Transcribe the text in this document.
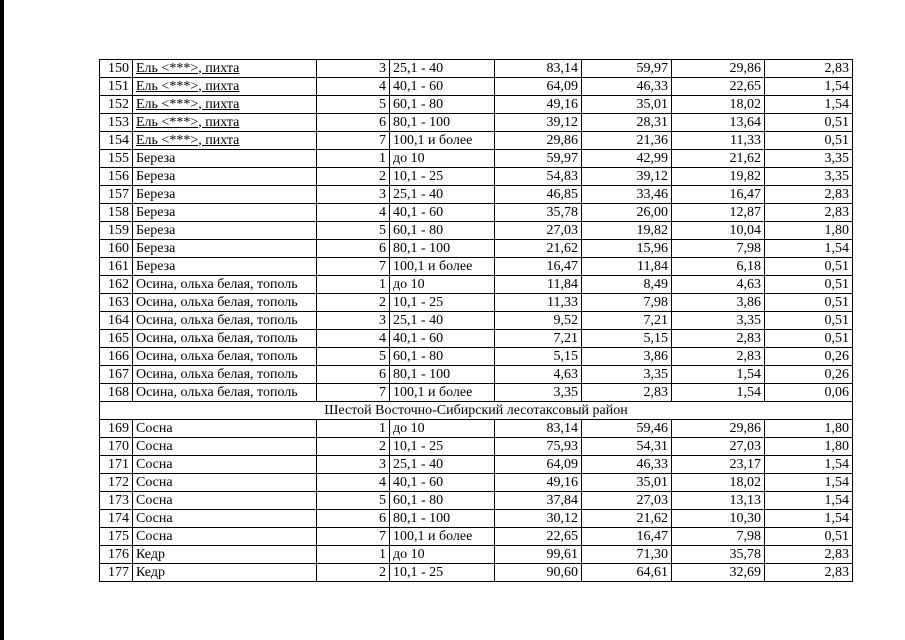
150	Ель <***>, пихта	3	25,1 - 40	83,14	59,97	29,86	2,83
151	Ель <***>, пихта	4	40,1 - 60	64,09	46,33	22,65	1,54
152	Ель <***>, пихта	5	60,1 - 80	49,16	35,01	18,02	1,54
153	Ель <***>, пихта	6	80,1 - 100	39,12	28,31	13,64	0,51
154	Ель <***>, пихта	7	100,1 и более	29,86	21,36	11,33	0,51
155	Береза	1	до 10	59,97	42,99	21,62	3,35
156	Береза	2	10,1 - 25	54,83	39,12	19,82	3,35
157	Береза	3	25,1 - 40	46,85	33,46	16,47	2,83
158	Береза	4	40,1 - 60	35,78	26,00	12,87	2,83
159	Береза	5	60,1 - 80	27,03	19,82	10,04	1,80
160	Береза	6	80,1 - 100	21,62	15,96	7,98	1,54
161	Береза	7	100,1 и более	16,47	11,84	6,18	0,51
162	Осина, ольха белая, тополь	1	до 10	11,84	8,49	4,63	0,51
163	Осина, ольха белая, тополь	2	10,1 - 25	11,33	7,98	3,86	0,51
164	Осина, ольха белая, тополь	3	25,1 - 40	9,52	7,21	3,35	0,51
165	Осина, ольха белая, тополь	4	40,1 - 60	7,21	5,15	2,83	0,51
166	Осина, ольха белая, тополь	5	60,1 - 80	5,15	3,86	2,83	0,26
167	Осина, ольха белая, тополь	6	80,1 - 100	4,63	3,35	1,54	0,26
168	Осина, ольха белая, тополь	7	100,1 и более	3,35	2,83	1,54	0,06
Шестой Восточно-Сибирский лесотаксовый район							
169	Сосна	1	до 10	83,14	59,46	29,86	1,80
170	Сосна	2	10,1 - 25	75,93	54,31	27,03	1,80
171	Сосна	3	25,1 - 40	64,09	46,33	23,17	1,54
172	Сосна	4	40,1 - 60	49,16	35,01	18,02	1,54
173	Сосна	5	60,1 - 80	37,84	27,03	13,13	1,54
174	Сосна	6	80,1 - 100	30,12	21,62	10,30	1,54
175	Сосна	7	100,1 и более	22,65	16,47	7,98	0,51
176	Кедр	1	до 10	99,61	71,30	35,78	2,83
177	Кедр	2	10,1 - 25	90,60	64,61	32,69	2,83
